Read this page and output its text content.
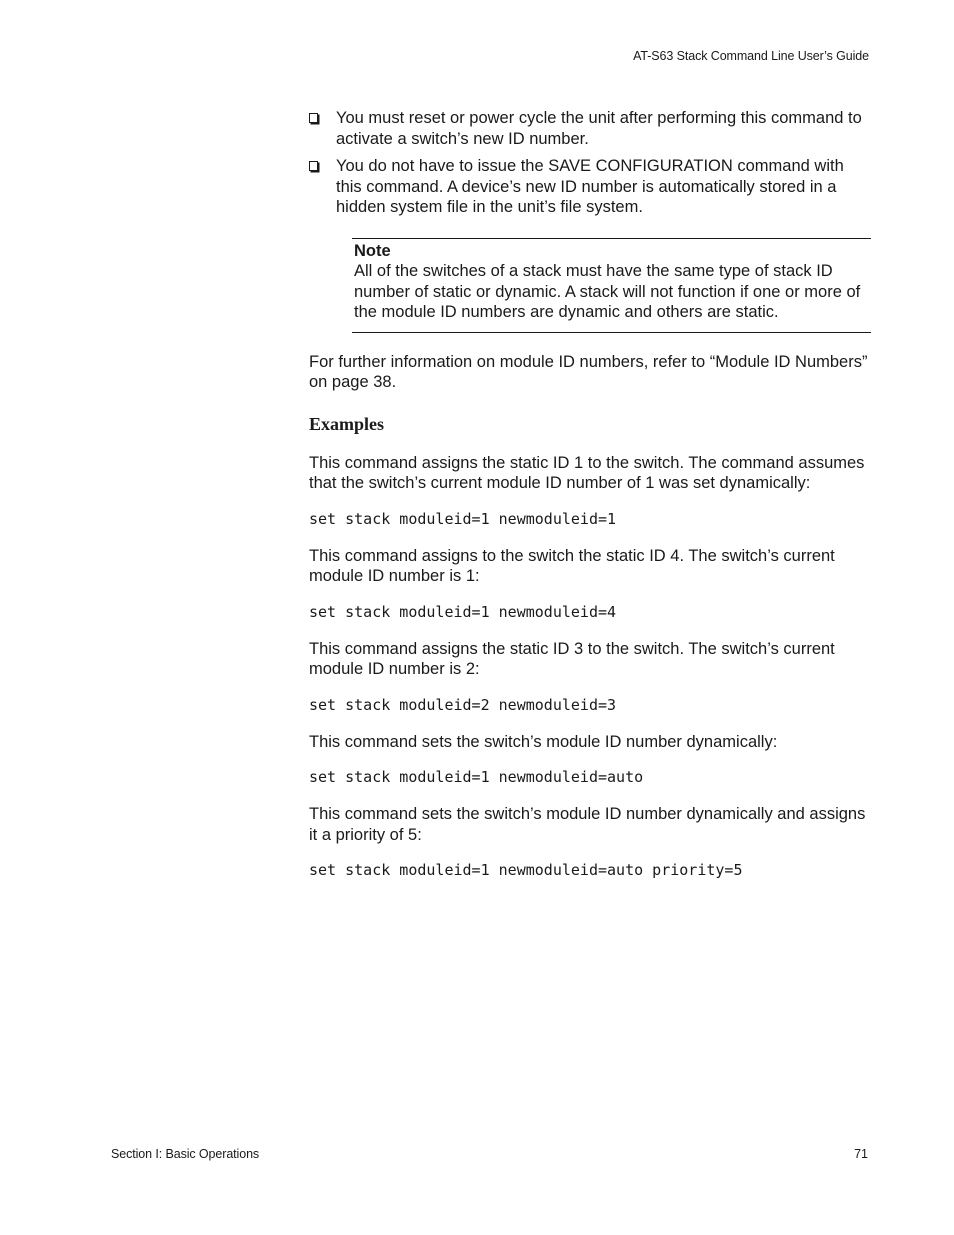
AT-S63 Stack Command Line User’s Guide
You must reset or power cycle the unit after performing this command to activate a switch’s new ID number.
You do not have to issue the SAVE CONFIGURATION command with this command. A device’s new ID number is automatically stored in a hidden system file in the unit’s file system.
Note
All of the switches of a stack must have the same type of stack ID number of static or dynamic. A stack will not function if one or more of the module ID numbers are dynamic and others are static.

For further information on module ID numbers, refer to “Module ID Numbers” on page 38.

Examples

This command assigns the static ID 1 to the switch. The command assumes that the switch’s current module ID number of 1 was set dynamically:

set stack moduleid=1 newmoduleid=1

This command assigns to the switch the static ID 4. The switch’s current module ID number is 1:

set stack moduleid=1 newmoduleid=4

This command assigns the static ID 3 to the switch. The switch’s current module ID number is 2:

set stack moduleid=2 newmoduleid=3

This command sets the switch’s module ID number dynamically:

set stack moduleid=1 newmoduleid=auto

This command sets the switch’s module ID number dynamically and assigns it a priority of 5:

set stack moduleid=1 newmoduleid=auto priority=5
Section I: Basic Operations	71
